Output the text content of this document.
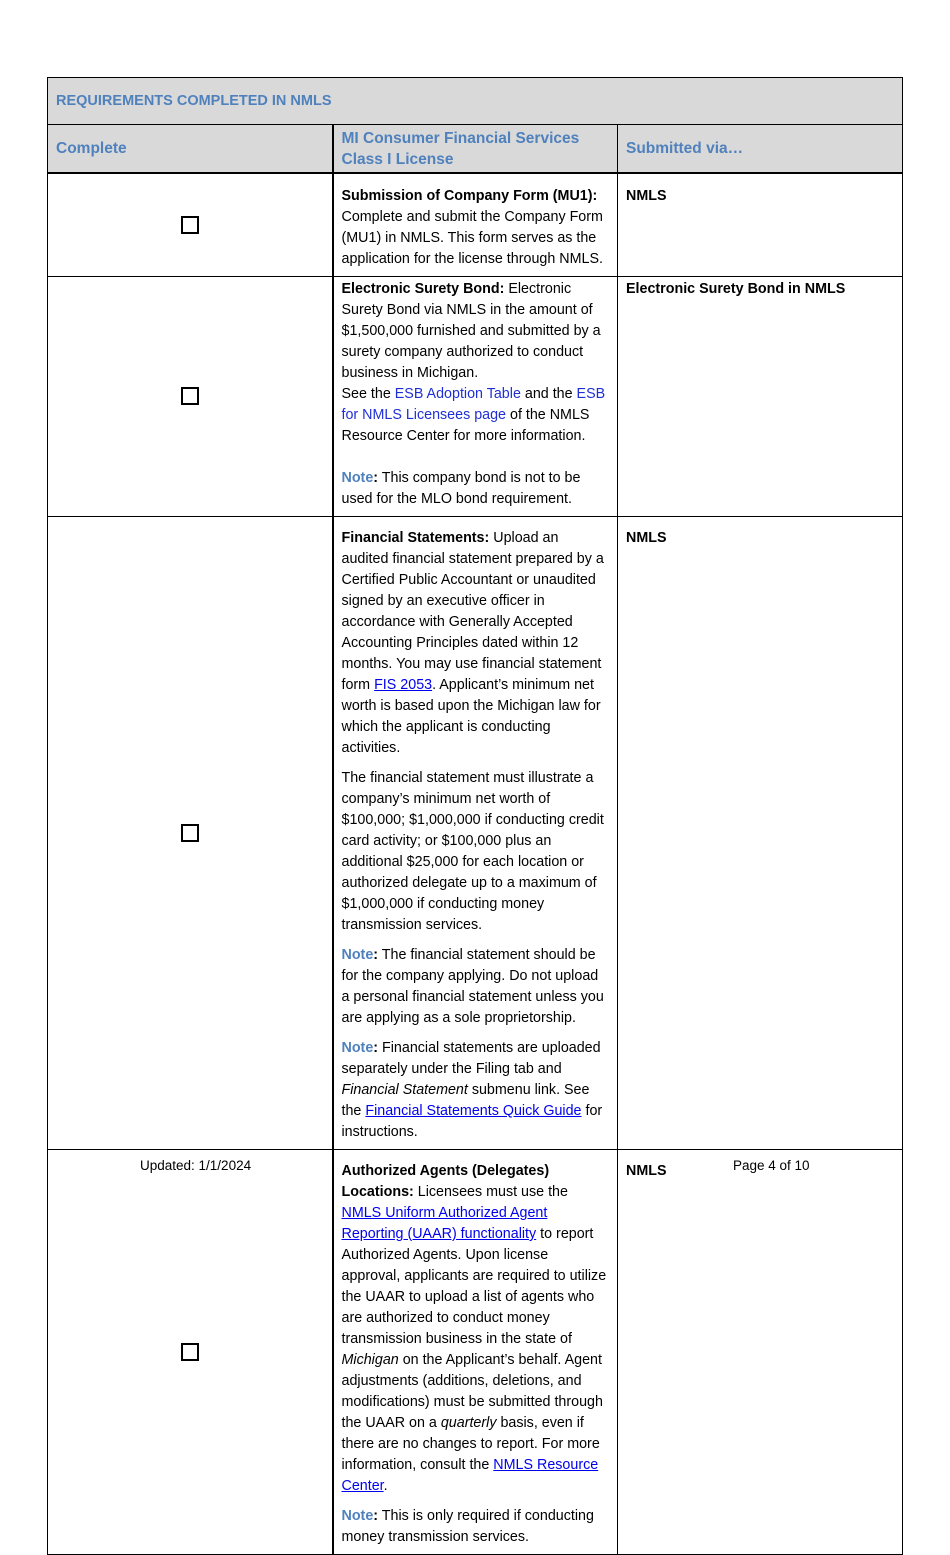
REQUIREMENTS COMPLETED IN NMLS		
Complete	MI Consumer Financial Services Class I License	Submitted via…
	Submission of Company Form (MU1): Complete and submit the Company Form (MU1) in NMLS. This form serves as the application for the license through NMLS.	NMLS

	Electronic Surety Bond: Electronic Surety Bond via NMLS in the amount of $1,500,000 furnished and submitted by a surety company authorized to conduct business in Michigan.
See the ESB Adoption Table and the ESB for NMLS Licensees page of the NMLS Resource Center for more information.
Note: This company bond is not to be used for the MLO bond requirement.	Electronic Surety Bond in NMLS

	Financial Statements: Upload an audited financial statement prepared by a Certified Public Accountant or unaudited signed by an executive officer in accordance with Generally Accepted Accounting Principles dated within 12 months. You may use financial statement form FIS 2053. Applicant’s minimum net worth is based upon the Michigan law for which the applicant is conducting activities.
The financial statement must illustrate a company’s minimum net worth of $100,000; $1,000,000 if conducting credit card activity; or $100,000 plus an additional $25,000 for each location or authorized delegate up to a maximum of $1,000,000 if conducting money transmission services.
Note: The financial statement should be for the company applying. Do not upload a personal financial statement unless you are applying as a sole proprietorship.
Note: Financial statements are uploaded separately under the Filing tab and Financial Statement submenu link. See the Financial Statements Quick Guide for instructions.	NMLS

	Authorized Agents (Delegates) Locations: Licensees must use the NMLS Uniform Authorized Agent Reporting (UAAR) functionality to report Authorized Agents. Upon license approval, applicants are required to utilize the UAAR to upload a list of agents who are authorized to conduct money transmission business in the state of Michigan on the Applicant’s behalf. Agent adjustments (additions, deletions, and modifications) must be submitted through the UAAR on a quarterly basis, even if there are no changes to report. For more information, consult the NMLS Resource Center.
Note: This is only required if conducting money transmission services.	NMLS
Updated: 1/1/2024	Page 4 of 10
